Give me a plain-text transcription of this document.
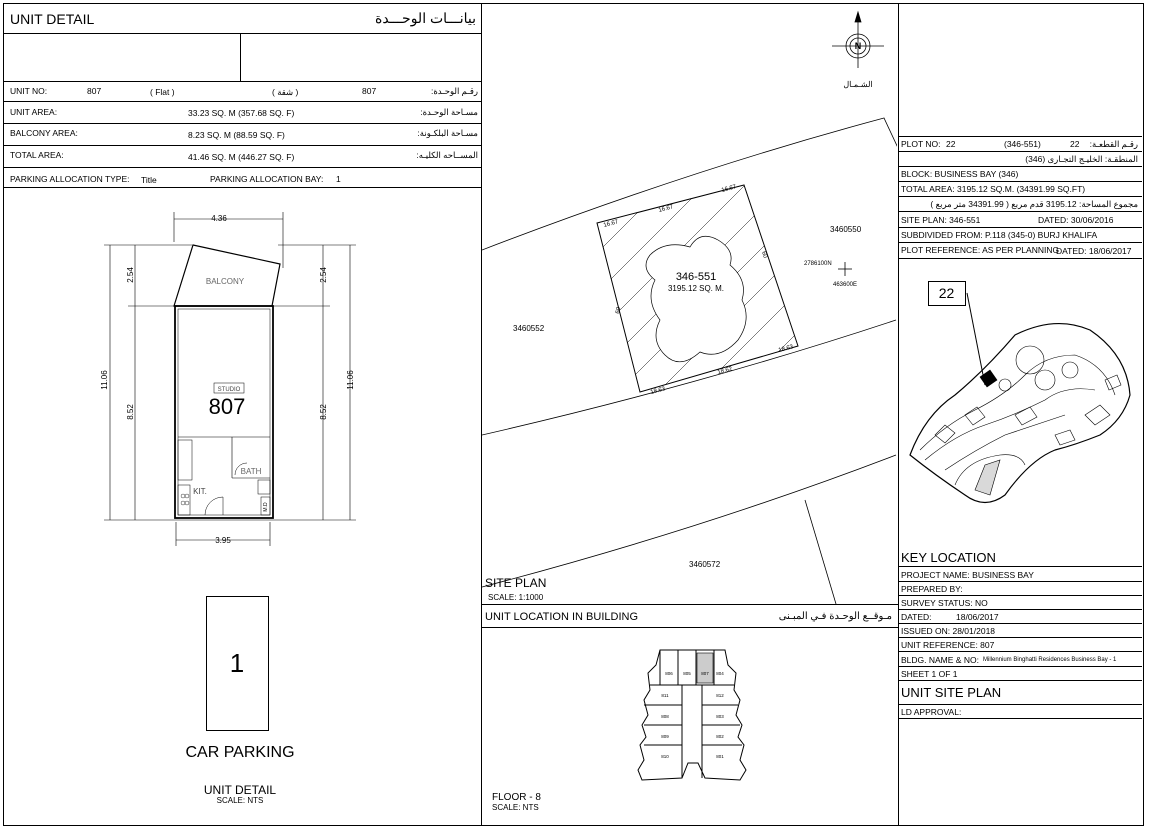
UNIT DETAIL	بيانـــات الوحـــدة
UNIT NO:	807	( Flat )	( شقة )	807	رقـم الوحـدة:
UNIT AREA:	33.23 SQ. M (357.68 SQ. F)	مسـاحة الوحـدة:
BALCONY AREA:	8.23 SQ. M (88.59 SQ. F)	مسـاحة البلكـونة:
TOTAL AREA:	41.46 SQ. M (446.27 SQ. F)	المســاحه الكليـه:
PARKING ALLOCATION TYPE: Title	PARKING ALLOCATION BAY: 1
4.36
3.95
11.06
2.54
8.52
2.54
8.52
11.06
BALCONY
STUDIO
BATH
KIT.
M.D
807
1
CAR PARKING
UNIT DETAIL
SCALE: NTS
N
الشـمـال
346-551
3195.12 SQ. M.
16.67
16.67
16.67
60
60
18.63
18.62
18.63
3460550
3460552
3460572
2786100N
463600E
SITE PLAN
SCALE: 1:1000
UNIT LOCATION IN BUILDING	مـوقــع الوحـدة فـي المبـنى
806 805 807 804
808	803
809	802
810	801
811	812
FLOOR - 8
SCALE: NTS
PLOT NO: 22	(346-551)	22	رقـم القطعـة:
المنطقـة: الخليـج التجـارى (346)
BLOCK: BUSINESS BAY (346)
TOTAL AREA: 3195.12 SQ.M. (34391.99 SQ.FT)
مجموع المساحة: 3195.12 قدم مربع ( 34391.99 متر مربع )
SITE PLAN: 346-551	DATED: 30/06/2016
SUBDIVIDED FROM: P.118 (345-0) BURJ KHALIFA
PLOT REFERENCE: AS PER PLANNING
DATED: 18/06/2017
22
KEY LOCATION
PROJECT NAME: BUSINESS BAY
PREPARED BY:
SURVEY STATUS: NO
DATED:	18/06/2017
ISSUED ON: 28/01/2018
UNIT REFERENCE: 807
BLDG. NAME & NO: Millennium Binghatti Residences Business Bay - 1
SHEET 1 OF 1
UNIT SITE PLAN
LD APPROVAL:
